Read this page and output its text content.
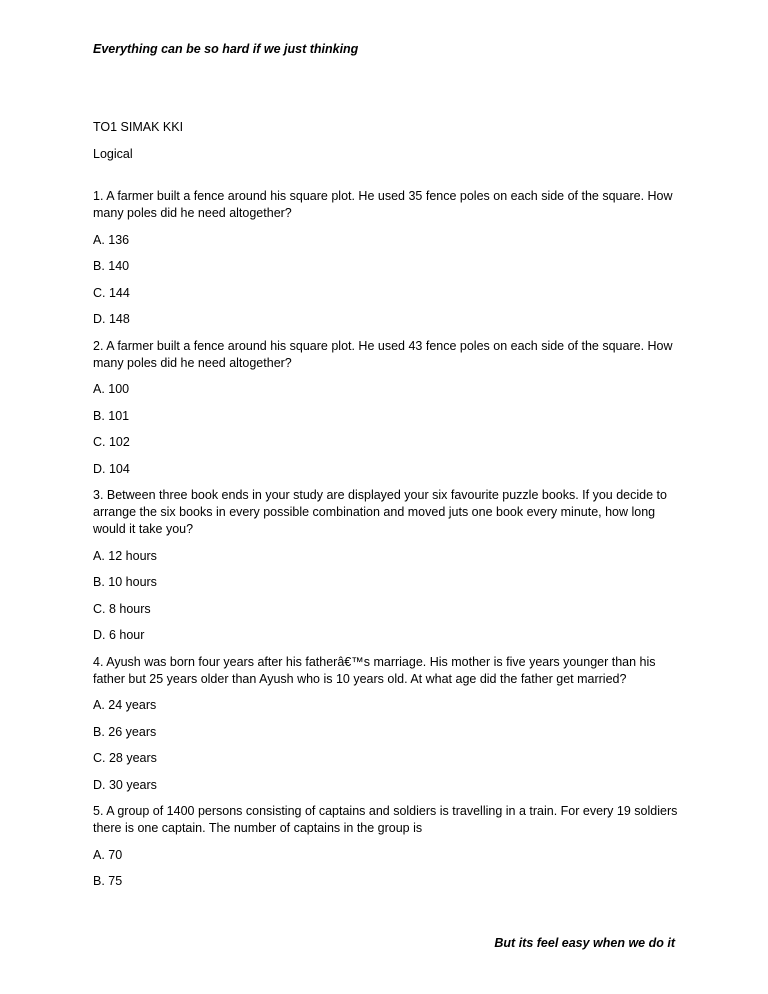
Everything can be so hard if we just thinking

TO1 SIMAK KKI

Logical

1. A farmer built a fence around his square plot. He used 35 fence poles on each side of the square. How many poles did he need altogether?

A. 136

B. 140

C. 144

D. 148

2. A farmer built a fence around his square plot. He used 43 fence poles on each side of the square. How many poles did he need altogether?

A. 100

B. 101

C. 102

D. 104

3. Between three book ends in your study are displayed your six favourite puzzle books. If you decide to arrange the six books in every possible combination and moved juts one book every minute, how long would it take you?

A. 12 hours

B. 10 hours

C. 8 hours

D. 6 hour

4. Ayush was born four years after his fatherâ€™s marriage. His mother is five years younger than his father but 25 years older than Ayush who is 10 years old. At what age did the father get married?

A. 24 years

B. 26 years

C. 28 years

D. 30 years

5. A group of 1400 persons consisting of captains and soldiers is travelling in a train. For every 19 soldiers there is one captain. The number of captains in the group is

A. 70

B. 75

But its feel easy when we do it
